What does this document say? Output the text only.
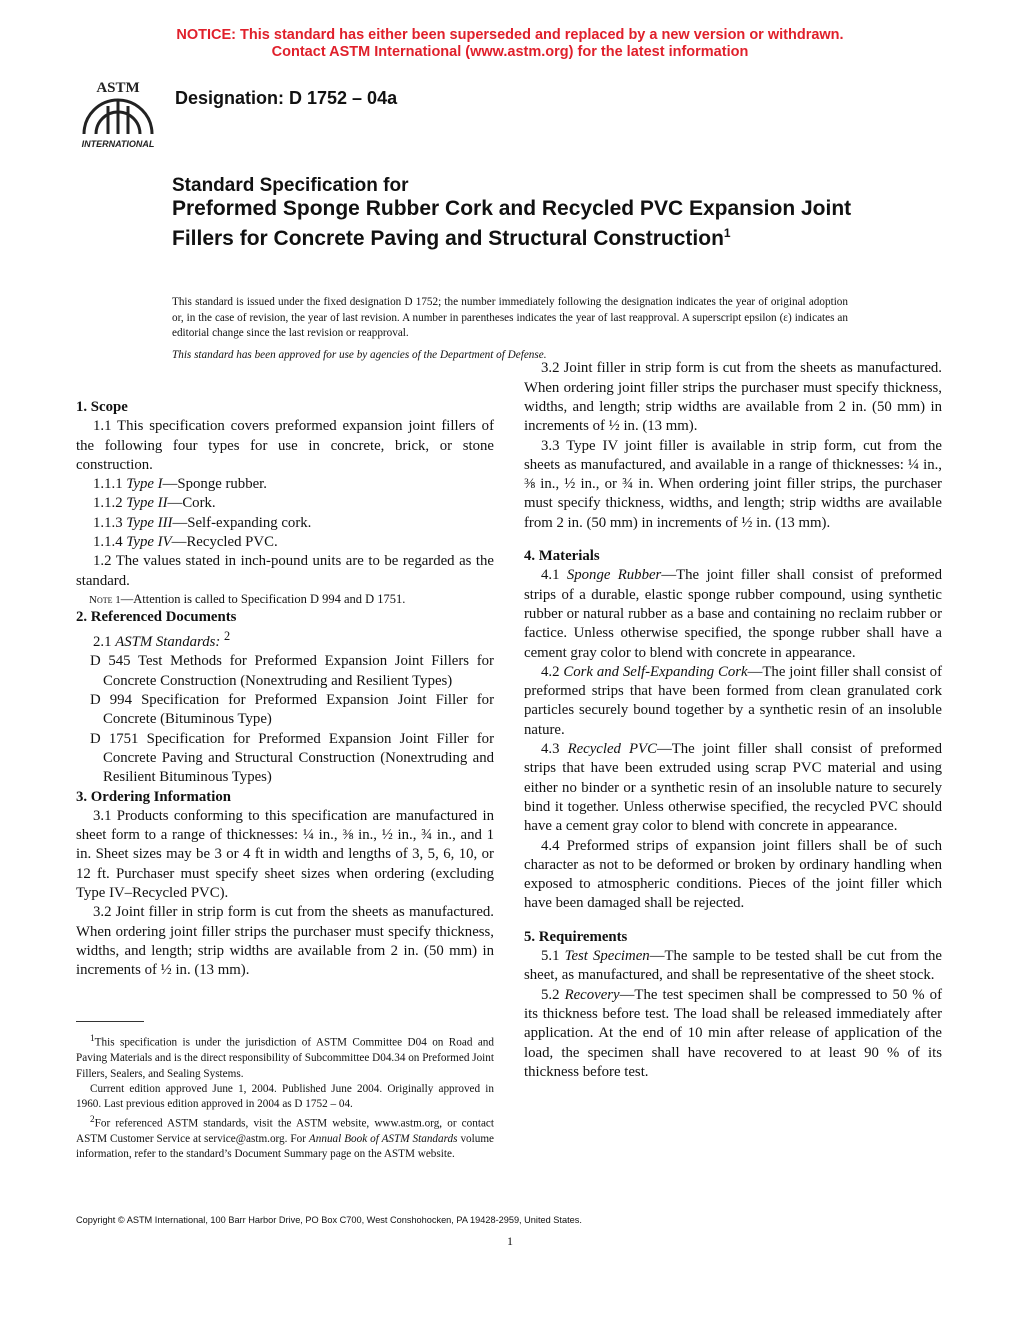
NOTICE: This standard has either been superseded and replaced by a new version or withdrawn.
Contact ASTM International (www.astm.org) for the latest information
ASTM
INTERNATIONAL
Designation: D 1752 – 04a
Standard Specification for
Preformed Sponge Rubber Cork and Recycled PVC Expansion Joint Fillers for Concrete Paving and Structural Construction$^1$
This standard is issued under the fixed designation D 1752; the number immediately following the designation indicates the year of original adoption or, in the case of revision, the year of last revision. A number in parentheses indicates the year of last reapproval. A superscript epsilon (ε) indicates an editorial change since the last revision or reapproval.
This standard has been approved for use by agencies of the Department of Defense.

1. Scope

1.1 This specification covers preformed expansion joint fillers of the following four types for use in concrete, brick, or stone construction.

1.1.1 Type I—Sponge rubber.

1.1.2 Type II—Cork.

1.1.3 Type III—Self-expanding cork.

1.1.4 Type IV—Recycled PVC.

1.2 The values stated in inch-pound units are to be regarded as the standard.

Note 1—Attention is called to Specification D 994 and D 1751.

2. Referenced Documents

2.1 ASTM Standards: $^2$

D 545 Test Methods for Preformed Expansion Joint Fillers for Concrete Construction (Nonextruding and Resilient Types)

D 994 Specification for Preformed Expansion Joint Filler for Concrete (Bituminous Type)

D 1751 Specification for Preformed Expansion Joint Filler for Concrete Paving and Structural Construction (Nonextruding and Resilient Bituminous Types)

3. Ordering Information

3.1 Products conforming to this specification are manufactured in sheet form to a range of thicknesses: ¼ in., ⅜ in., ½ in., ¾ in., and 1 in. Sheet sizes may be 3 or 4 ft in width and lengths of 3, 5, 6, 10, or 12 ft. Purchaser must specify sheet sizes when ordering (excluding Type IV–Recycled PVC).

3.2 Joint filler in strip form is cut from the sheets as manufactured. When ordering joint filler strips the purchaser must specify thickness, widths, and length; strip widths are available from 2 in. (50 mm) in increments of ½ in. (13 mm).

$^1$This specification is under the jurisdiction of ASTM Committee D04 on Road and Paving Materials and is the direct responsibility of Subcommittee D04.34 on Preformed Joint Fillers, Sealers, and Sealing Systems.

Current edition approved June 1, 2004. Published June 2004. Originally approved in 1960. Last previous edition approved in 2004 as D 1752 – 04.

$^2$For referenced ASTM standards, visit the ASTM website, www.astm.org, or contact ASTM Customer Service at service@astm.org. For Annual Book of ASTM Standards volume information, refer to the standard’s Document Summary page on the ASTM website.

3.2 Joint filler in strip form is cut from the sheets as manufactured. When ordering joint filler strips the purchaser must specify thickness, widths, and length; strip widths are available from 2 in. (50 mm) in increments of ½ in. (13 mm).

3.3 Type IV joint filler is available in strip form, cut from the sheets as manufactured, and available in a range of thicknesses: ¼ in., ⅜ in., ½ in., or ¾ in. When ordering joint filler strips, the purchaser must specify thickness, widths, and length; strip widths are available from 2 in. (50 mm) in increments of ½ in. (13 mm).

4. Materials

4.1 Sponge Rubber—The joint filler shall consist of preformed strips of a durable, elastic sponge rubber compound, using synthetic rubber or natural rubber as a base and containing no reclaim rubber or factice. Unless otherwise specified, the sponge rubber shall have a cement gray color to blend with concrete in appearance.

4.2 Cork and Self-Expanding Cork—The joint filler shall consist of preformed strips that have been formed from clean granulated cork particles securely bound together by a synthetic resin of an insoluble nature.

4.3 Recycled PVC—The joint filler shall consist of preformed strips that have been extruded using scrap PVC material and using either no binder or a synthetic resin of an insoluble nature to securely bind it together. Unless otherwise specified, the recycled PVC should have a cement gray color to blend with concrete in appearance.

4.4 Preformed strips of expansion joint fillers shall be of such character as not to be deformed or broken by ordinary handling when exposed to atmospheric conditions. Pieces of the joint filler which have been damaged shall be rejected.

5. Requirements

5.1 Test Specimen—The sample to be tested shall be cut from the sheet, as manufactured, and shall be representative of the sheet stock.

5.2 Recovery—The test specimen shall be compressed to 50 % of its thickness before test. The load shall be released immediately after application. At the end of 10 min after release of application of the load, the specimen shall have recovered to at least 90 % of its thickness before test.

Copyright © ASTM International, 100 Barr Harbor Drive, PO Box C700, West Conshohocken, PA 19428-2959, United States.
1
